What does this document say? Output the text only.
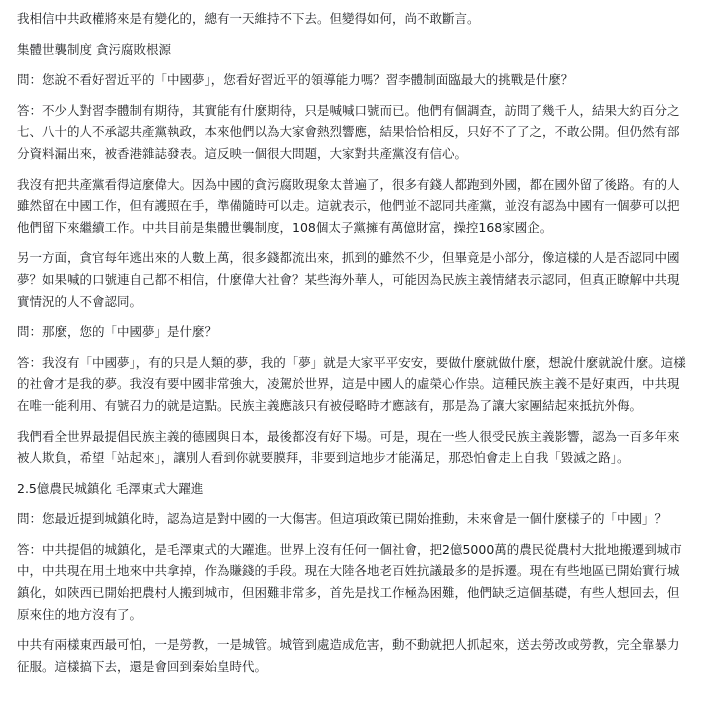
我相信中共政權將來是有變化的，總有一天維持不下去。但變得如何，尚不敢斷言。

集體世襲制度 貪污腐敗根源

問：您說不看好習近平的「中國夢」，您看好習近平的領導能力嗎？習李體制面臨最大的挑戰是什麼？

答：不少人對習李體制有期待，其實能有什麼期待，只是喊喊口號而已。他們有個調查，訪問了幾千人，結果大約百分之七、八十的人不承認共產黨執政，本來他們以為大家會熱烈響應，結果恰恰相反，只好不了了之，不敢公開。但仍然有部分資料漏出來，被香港雜誌發表。這反映一個很大問題，大家對共產黨沒有信心。

我沒有把共產黨看得這麼偉大。因為中國的貪污腐敗現象太普遍了，很多有錢人都跑到外國，都在國外留了後路。有的人雖然留在中國工作，但有護照在手，準備隨時可以走。這就表示，他們並不認同共產黨，並沒有認為中國有一個夢可以把他們留下來繼續工作。中共目前是集體世襲制度，108個太子黨擁有萬億財富，操控168家國企。

另一方面，貪官每年逃出來的人數上萬，很多錢都流出來，抓到的雖然不少，但畢竟是小部分，像這樣的人是否認同中國夢？如果喊的口號連自己都不相信，什麼偉大社會？某些海外華人，可能因為民族主義情緒表示認同，但真正瞭解中共現實情況的人不會認同。

問：那麼，您的「中國夢」是什麼？

答：我沒有「中國夢」，有的只是人類的夢，我的「夢」就是大家平平安安，要做什麼就做什麼，想說什麼就說什麼。這樣的社會才是我的夢。我沒有要中國非常強大，凌駕於世界，這是中國人的虛榮心作祟。這種民族主義不是好東西，中共現在唯一能利用、有號召力的就是這點。民族主義應該只有被侵略時才應該有，那是為了讓大家團結起來抵抗外侮。

我們看全世界最提倡民族主義的德國與日本，最後都沒有好下場。可是，現在一些人很受民族主義影響，認為一百多年來被人欺負，希望「站起來」，讓別人看到你就要膜拜，非要到這地步才能滿足，那恐怕會走上自我「毀滅之路」。

2.5億農民城鎮化 毛澤東式大躍進

問：您最近提到城鎮化時，認為這是對中國的一大傷害。但這項政策已開始推動，未來會是一個什麼樣子的「中國」？

答：中共提倡的城鎮化，是毛澤東式的大躍進。世界上沒有任何一個社會，把2億5000萬的農民從農村大批地搬遷到城市中，中共現在用土地來中共拿掉，作為賺錢的手段。現在大陸各地老百姓抗議最多的是拆遷。現在有些地區已開始實行城鎮化，如陝西已開始把農村人搬到城市，但困難非常多，首先是找工作極為困難，他們缺乏這個基礎，有些人想回去，但原來住的地方沒有了。

中共有兩樣東西最可怕，一是勞教，一是城管。城管到處造成危害，動不動就把人抓起來，送去勞改或勞教，完全靠暴力征服。這樣搞下去，還是會回到秦始皇時代。
